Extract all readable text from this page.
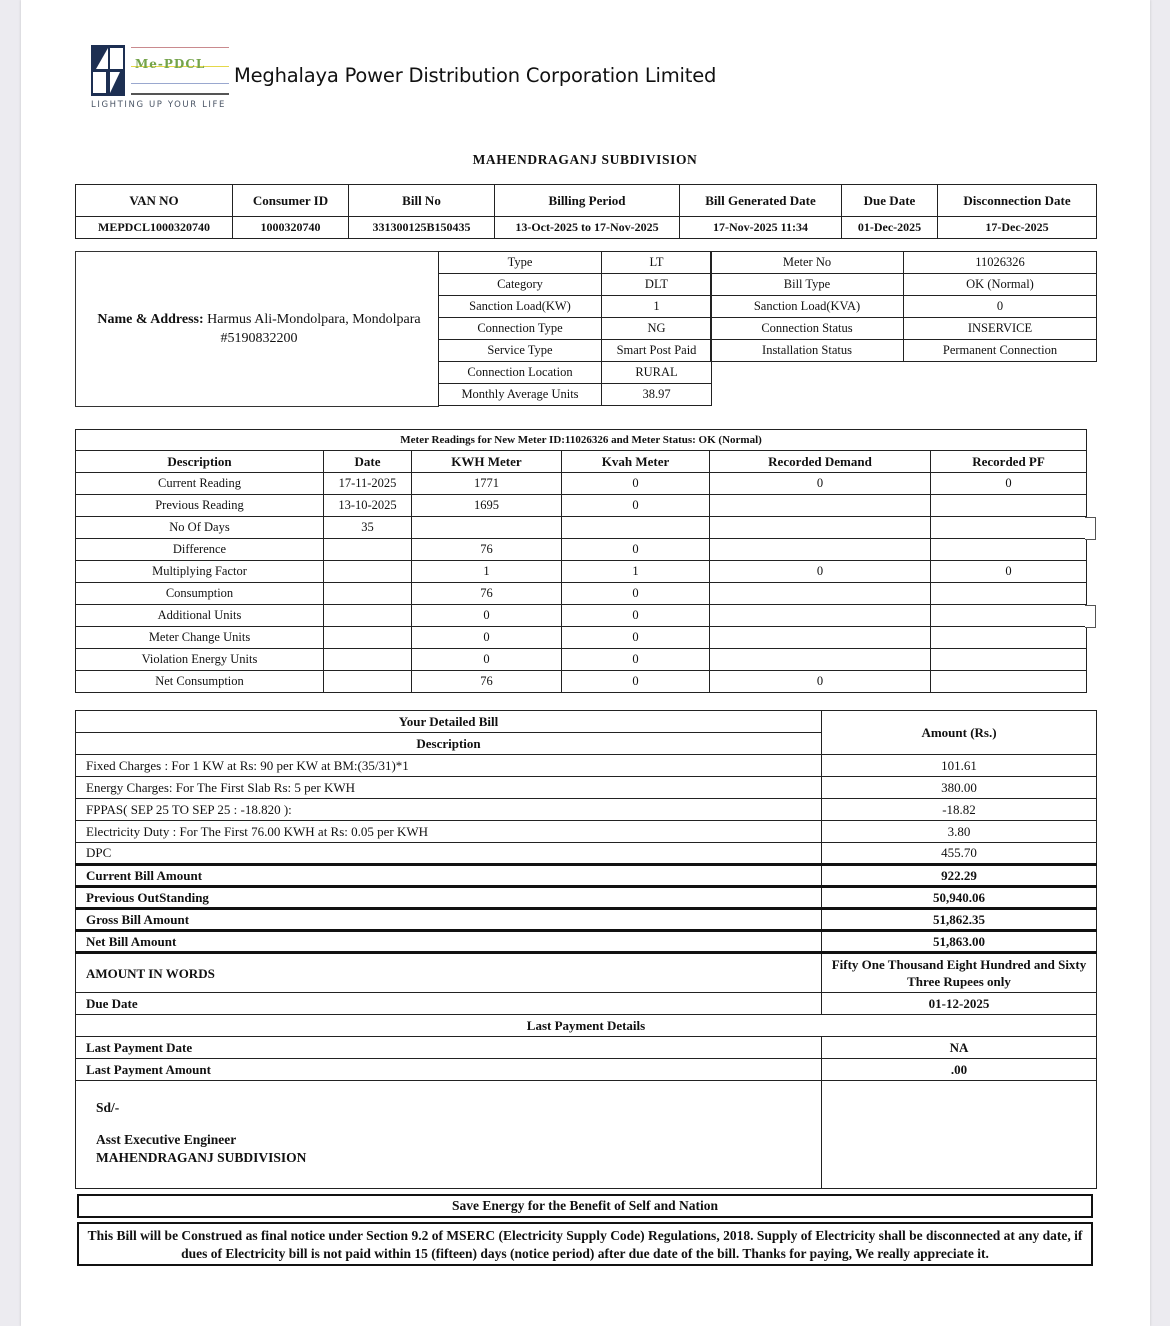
Me-PDCL
LIGHTING UP YOUR LIFE
Meghalaya Power Distribution Corporation Limited
MAHENDRAGANJ SUBDIVISION
VAN NO	Consumer ID	Bill No	Billing Period	Bill Generated Date	Due Date	Disconnection Date
MEPDCL1000320740	1000320740	331300125B150435	13-Oct-2025 to 17-Nov-2025	17-Nov-2025 11:34	01-Dec-2025	17-Dec-2025
Name & Address: Harmus Ali-Mondolpara, Mondolpara
#5190832200
Type	LT
Category	DLT
Sanction Load(KW)	1
Connection Type	NG
Service Type	Smart Post Paid
Connection Location	RURAL
Monthly Average Units	38.97
Meter No	11026326
Bill Type	OK (Normal)
Sanction Load(KVA)	0
Connection Status	INSERVICE
Installation Status	Permanent Connection
Meter Readings for New Meter ID:11026326 and Meter Status: OK (Normal)					
Description	Date	KWH Meter	Kvah Meter	Recorded Demand	Recorded PF
Current Reading	17-11-2025	1771	0	0	0
Previous Reading	13-10-2025	1695	0		
No Of Days	35				
Difference		76	0		
Multiplying Factor		1	1	0	0
Consumption		76	0		
Additional Units		0	0		
Meter Change Units		0	0		
Violation Energy Units		0	0		
Net Consumption		76	0	0	
Your Detailed Bill	Amount (Rs.)
Description	
Fixed Charges : For 1 KW at Rs: 90 per KW at BM:(35/31)*1	101.61
Energy Charges: For The First Slab Rs: 5 per KWH	380.00
FPPAS( SEP 25 TO SEP 25 : -18.820 ):	-18.82
Electricity Duty : For The First 76.00 KWH at Rs: 0.05 per KWH	3.80
DPC	455.70
Current Bill Amount	922.29
Previous OutStanding	50,940.06
Gross Bill Amount	51,862.35
Net Bill Amount	51,863.00
AMOUNT IN WORDS	Fifty One Thousand Eight Hundred and Sixty Three Rupees only
Due Date	01-12-2025
Last Payment Details	
Last Payment Date	NA
Last Payment Amount	.00

Sd/-
Asst Executive Engineer
MAHENDRAGANJ SUBDIVISION	

Save Energy for the Benefit of Self and Nation
This Bill will be Construed as final notice under Section 9.2 of MSERC (Electricity Supply Code) Regulations, 2018. Supply of Electricity shall be disconnected at any date, if dues of Electricity bill is not paid within 15 (fifteen) days (notice period) after due date of the bill. Thanks for paying, We really appreciate it.
